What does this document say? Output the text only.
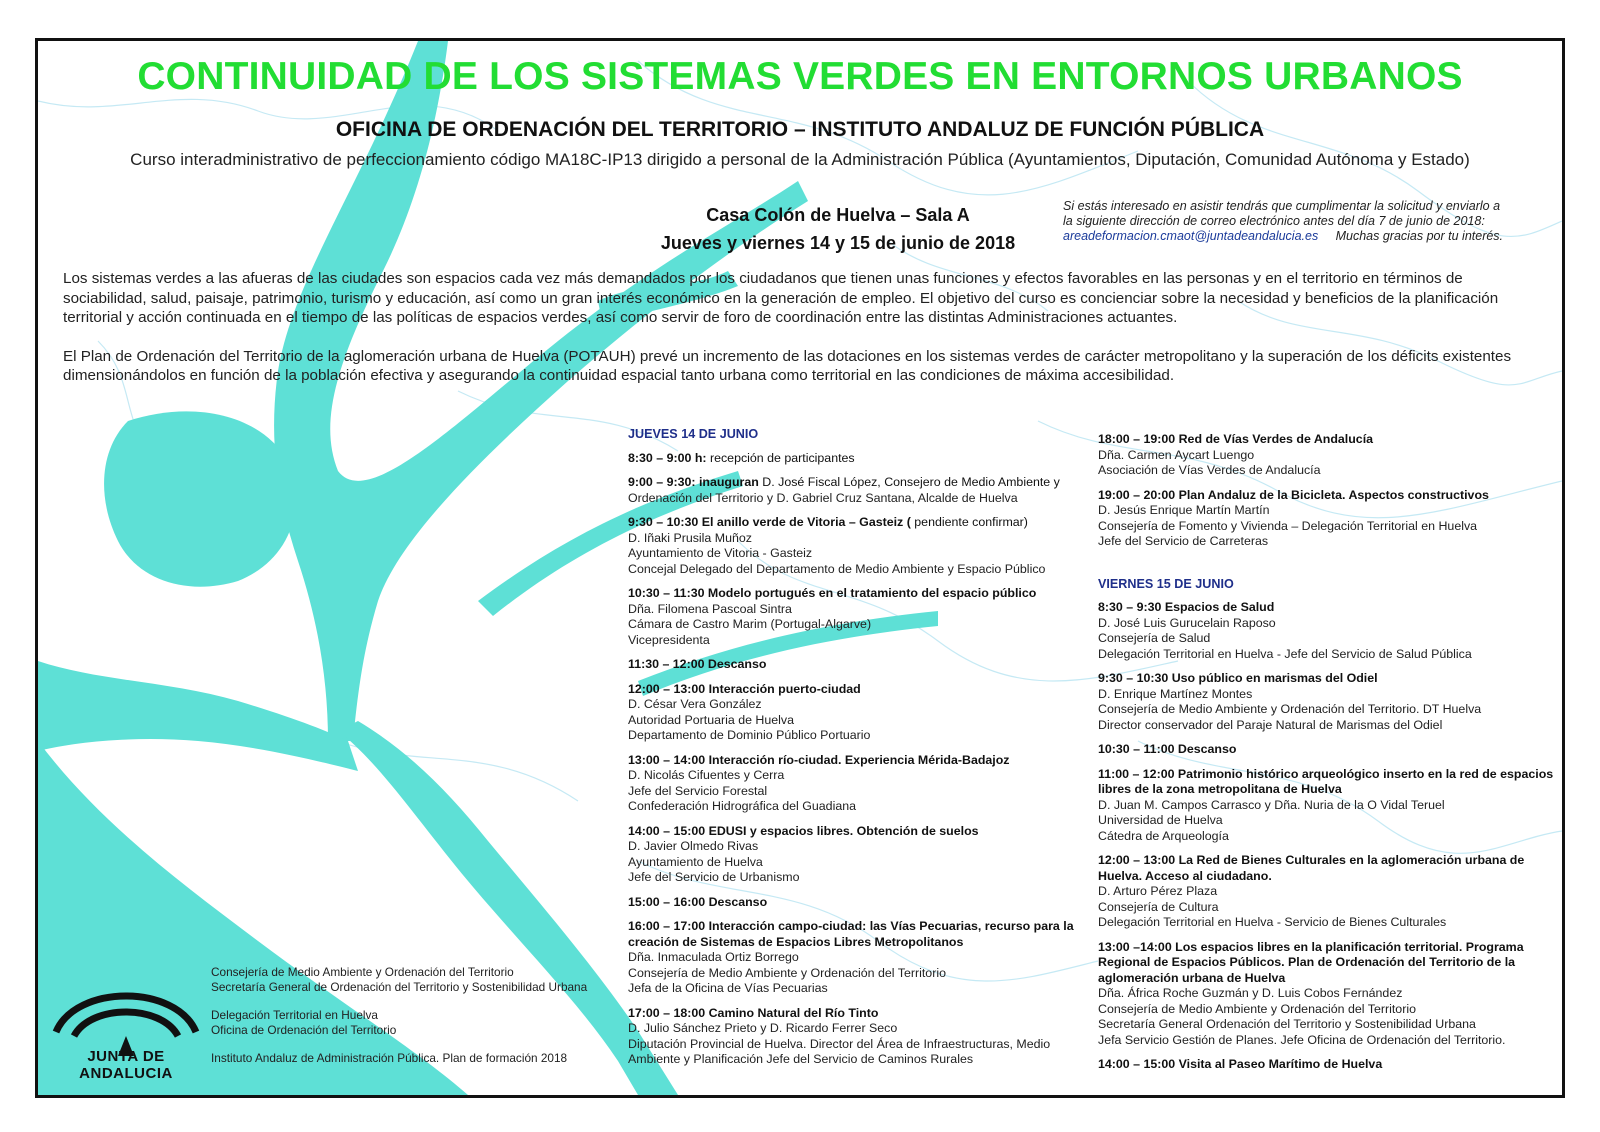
CONTINUIDAD DE LOS SISTEMAS VERDES EN ENTORNOS URBANOS
OFICINA DE ORDENACIÓN DEL TERRITORIO – INSTITUTO ANDALUZ DE FUNCIÓN PÚBLICA
Curso interadministrativo de perfeccionamiento código MA18C-IP13 dirigido a personal de la Administración Pública (Ayuntamientos, Diputación, Comunidad Autónoma y Estado)
Casa Colón de Huelva – Sala A
Jueves y viernes 14 y 15 de junio de 2018
Si estás interesado en asistir tendrás que cumplimentar la solicitud y enviarlo a
la siguiente dirección de correo electrónico antes del día 7 de junio de 2018:
areadeformacion.cmaot@juntadeandalucia.es Muchas gracias por tu interés.

Los sistemas verdes a las afueras de las ciudades son espacios cada vez más demandados por los ciudadanos que tienen unas funciones y efectos favorables en las personas y en el territorio en términos de sociabilidad, salud, paisaje, patrimonio, turismo y educación, así como un gran interés económico en la generación de empleo. El objetivo del curso es concienciar sobre la necesidad y beneficios de la planificación territorial y acción continuada en el tiempo de las políticas de espacios verdes, así como servir de foro de coordinación entre las distintas Administraciones actuantes.

El Plan de Ordenación del Territorio de la aglomeración urbana de Huelva (POTAUH) prevé un incremento de las dotaciones en los sistemas verdes de carácter metropolitano y la superación de los déficits existentes dimensionándolos en función de la población efectiva y asegurando la continuidad espacial tanto urbana como territorial en las condiciones de máxima accesibilidad.

JUEVES 14 DE JUNIO
8:30 – 9:00 h: recepción de participantes
9:00 – 9:30: inauguran D. José Fiscal López, Consejero de Medio Ambiente y
Ordenación del Territorio y D. Gabriel Cruz Santana, Alcalde de Huelva
9:30 – 10:30 El anillo verde de Vitoria – Gasteiz ( pendiente confirmar)
D. Iñaki Prusila Muñoz
Ayuntamiento de Vitoria - Gasteiz
Concejal Delegado del Departamento de Medio Ambiente y Espacio Público
10:30 – 11:30 Modelo portugués en el tratamiento del espacio público
Dña. Filomena Pascoal Sintra
Cámara de Castro Marim (Portugal-Algarve)
Vicepresidenta
11:30 – 12:00 Descanso
12:00 – 13:00 Interacción puerto-ciudad
D. César Vera González
Autoridad Portuaria de Huelva
Departamento de Dominio Público Portuario
13:00 – 14:00 Interacción río-ciudad. Experiencia Mérida-Badajoz
D. Nicolás Cifuentes y Cerra
Jefe del Servicio Forestal
Confederación Hidrográfica del Guadiana
14:00 – 15:00 EDUSI y espacios libres. Obtención de suelos
D. Javier Olmedo Rivas
Ayuntamiento de Huelva
Jefe del Servicio de Urbanismo
15:00 – 16:00 Descanso
16:00 – 17:00 Interacción campo-ciudad: las Vías Pecuarias, recurso para la creación de Sistemas de Espacios Libres Metropolitanos
Dña. Inmaculada Ortiz Borrego
Consejería de Medio Ambiente y Ordenación del Territorio
Jefa de la Oficina de Vías Pecuarias
17:00 – 18:00 Camino Natural del Río Tinto
D. Julio Sánchez Prieto y D. Ricardo Ferrer Seco
Diputación Provincial de Huelva. Director del Área de Infraestructuras, Medio Ambiente y Planificación Jefe del Servicio de Caminos Rurales
18:00 – 19:00 Red de Vías Verdes de Andalucía
Dña. Carmen Aycart Luengo
Asociación de Vías Verdes de Andalucía
19:00 – 20:00 Plan Andaluz de la Bicicleta. Aspectos constructivos
D. Jesús Enrique Martín Martín
Consejería de Fomento y Vivienda – Delegación Territorial en Huelva
Jefe del Servicio de Carreteras
VIERNES 15 DE JUNIO
8:30 – 9:30 Espacios de Salud
D. José Luis Gurucelain Raposo
Consejería de Salud
Delegación Territorial en Huelva - Jefe del Servicio de Salud Pública
9:30 – 10:30 Uso público en marismas del Odiel
D. Enrique Martínez Montes
Consejería de Medio Ambiente y Ordenación del Territorio. DT Huelva
Director conservador del Paraje Natural de Marismas del Odiel
10:30 – 11:00 Descanso
11:00 – 12:00 Patrimonio histórico arqueológico inserto en la red de espacios libres de la zona metropolitana de Huelva
D. Juan M. Campos Carrasco y Dña. Nuria de la O Vidal Teruel
Universidad de Huelva
Cátedra de Arqueología
12:00 – 13:00 La Red de Bienes Culturales en la aglomeración urbana de Huelva. Acceso al ciudadano.
D. Arturo Pérez Plaza
Consejería de Cultura
Delegación Territorial en Huelva - Servicio de Bienes Culturales
13:00 –14:00 Los espacios libres en la planificación territorial. Programa Regional de Espacios Públicos. Plan de Ordenación del Territorio de la aglomeración urbana de Huelva
Dña. África Roche Guzmán y D. Luis Cobos Fernández
Consejería de Medio Ambiente y Ordenación del Territorio
Secretaría General Ordenación del Territorio y Sostenibilidad Urbana
Jefa Servicio Gestión de Planes. Jefe Oficina de Ordenación del Territorio.
14:00 – 15:00 Visita al Paseo Marítimo de Huelva
JUNTA DE ANDALUCIA
Consejería de Medio Ambiente y Ordenación del Territorio
Secretaría General de Ordenación del Territorio y Sostenibilidad Urbana
Delegación Territorial en Huelva
Oficina de Ordenación del Territorio
Instituto Andaluz de Administración Pública. Plan de formación 2018
